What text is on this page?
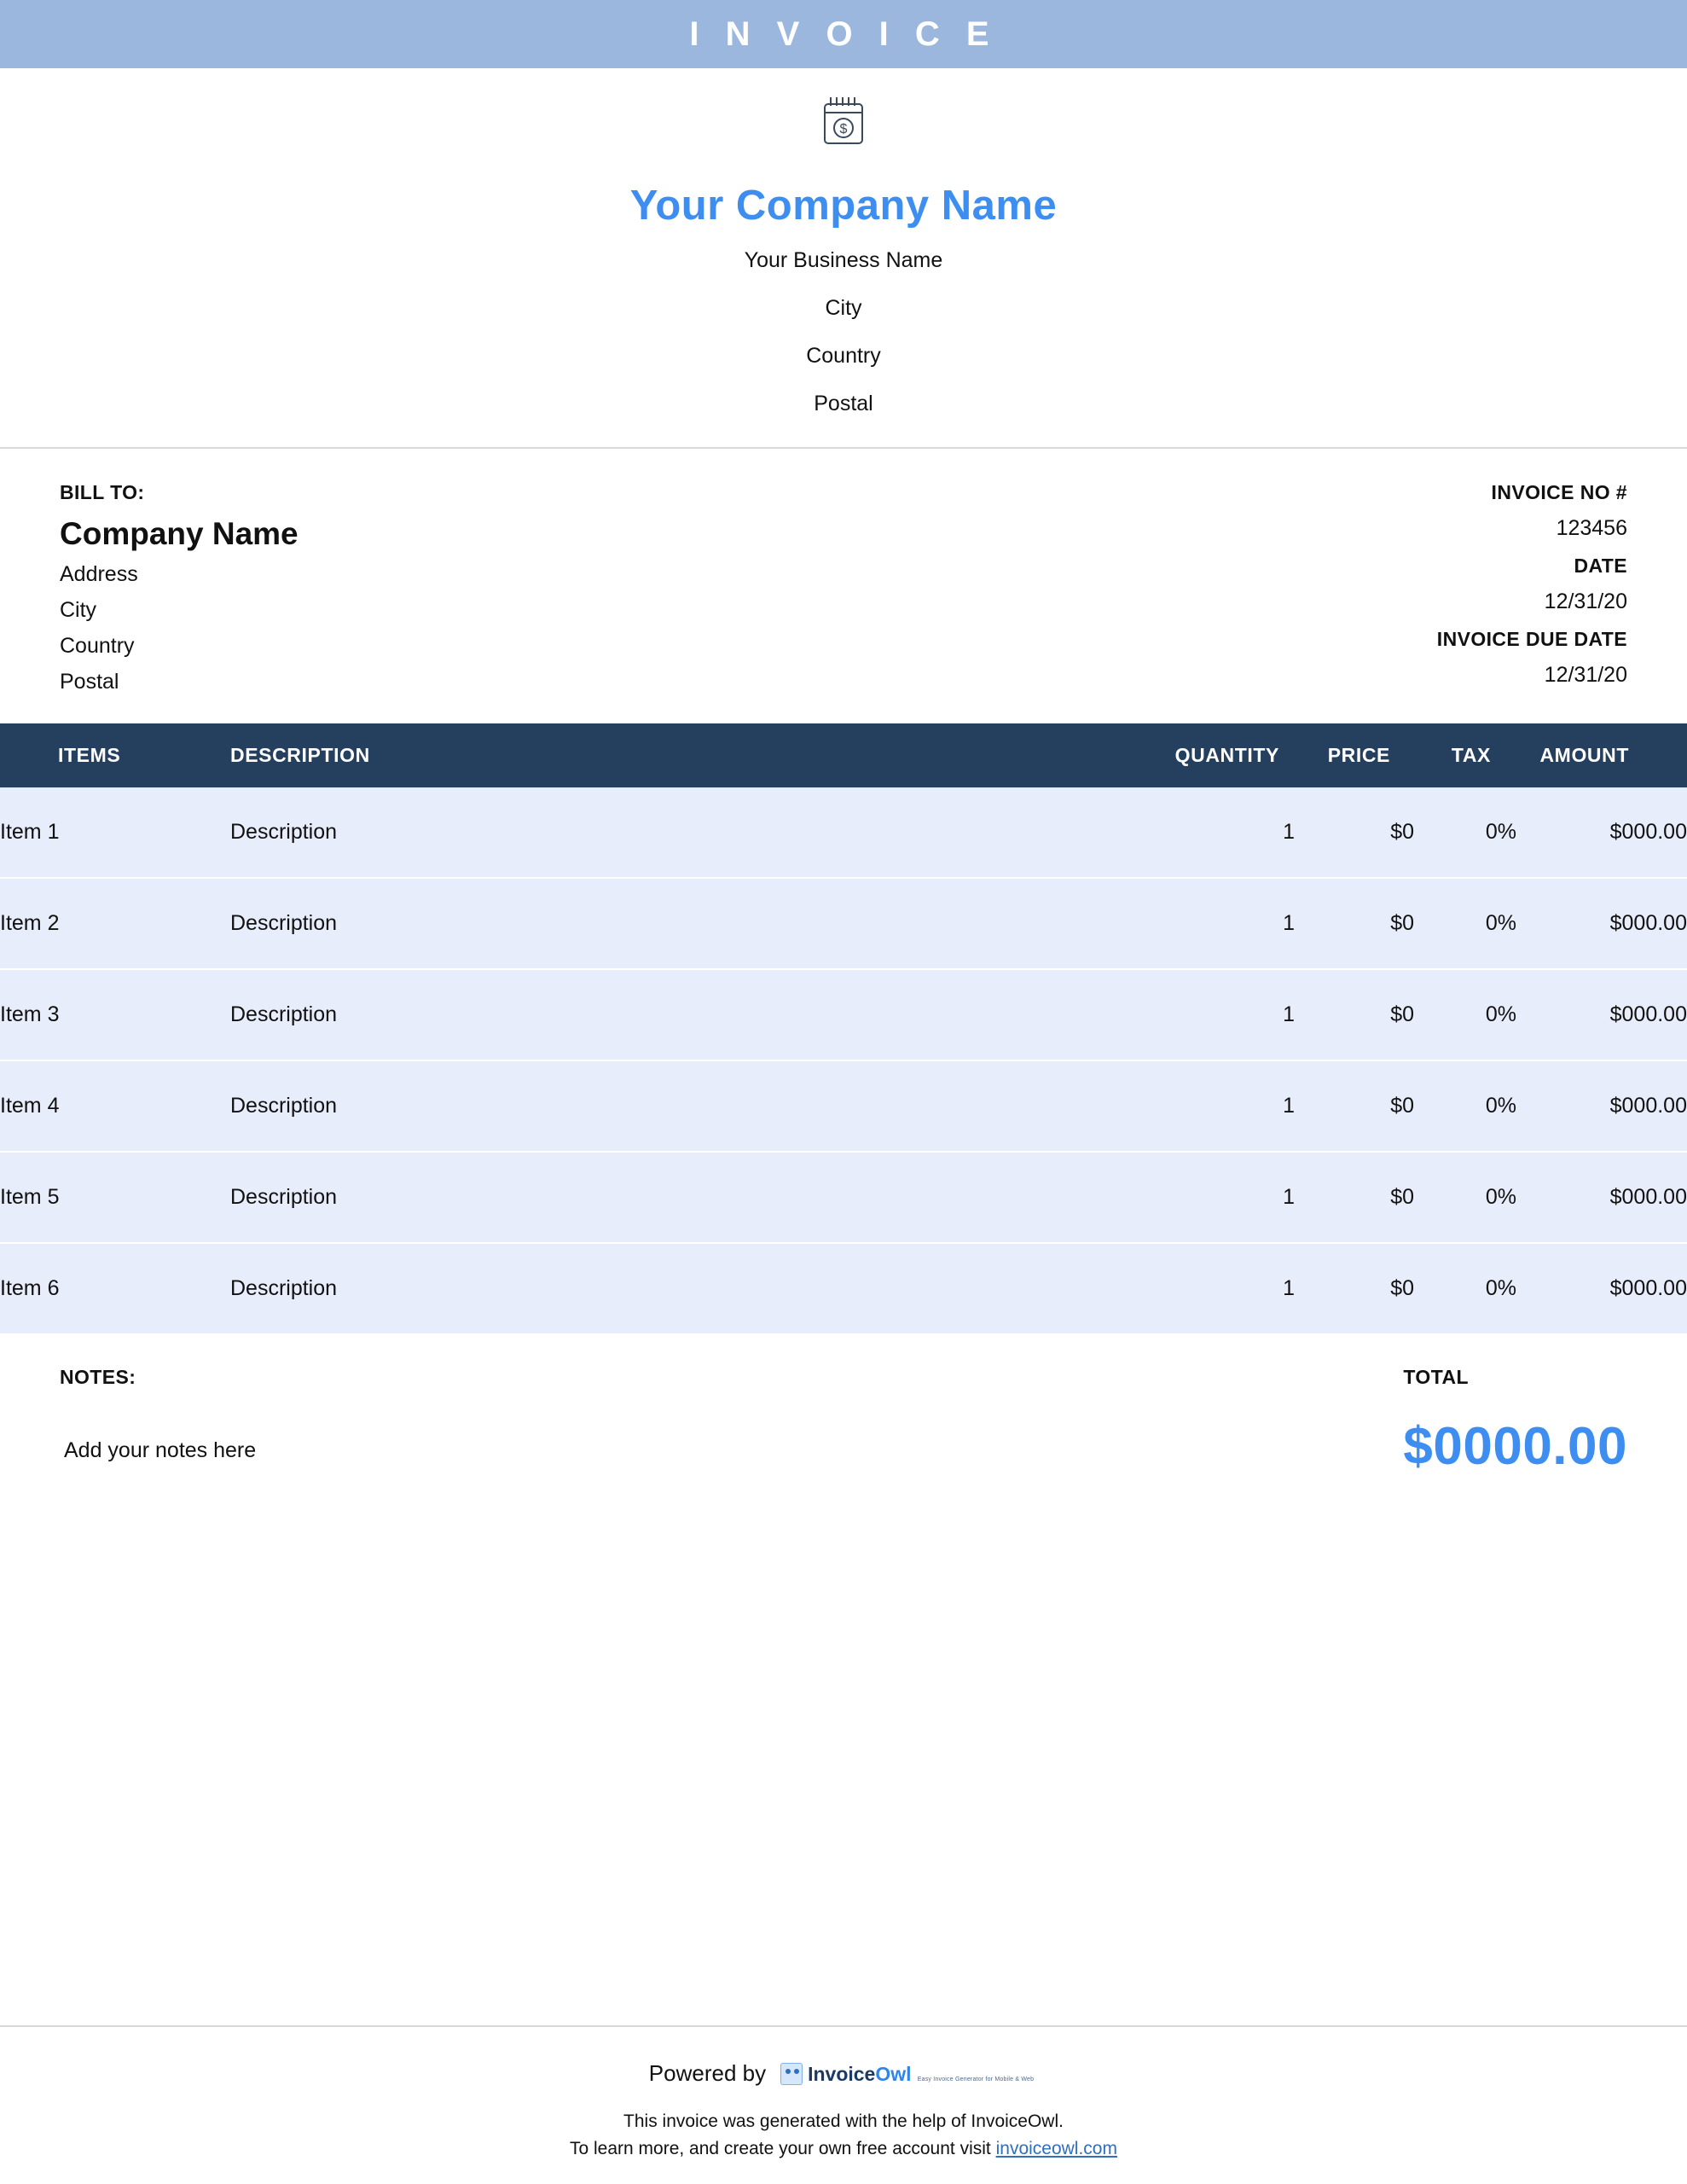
I N V O I C E
$
Your Company Name
Your Business Name
City
Country
Postal
BILL TO:
Company Name
Address
City
Country
Postal
INVOICE NO #
123456
DATE
12/31/20
INVOICE DUE DATE
12/31/20
ITEMS	DESCRIPTION	QUANTITY	PRICE	TAX	AMOUNT
Item 1	Description	1	$0	0%	$000.00
Item 2	Description	1	$0	0%	$000.00
Item 3	Description	1	$0	0%	$000.00
Item 4	Description	1	$0	0%	$000.00
Item 5	Description	1	$0	0%	$000.00
Item 6	Description	1	$0	0%	$000.00
NOTES:
Add your notes here
TOTAL
$0000.00
Powered by InvoiceOwl Easy Invoice Generator for Mobile & Web
This invoice was generated with the help of InvoiceOwl.
To learn more, and create your own free account visit invoiceowl.com
